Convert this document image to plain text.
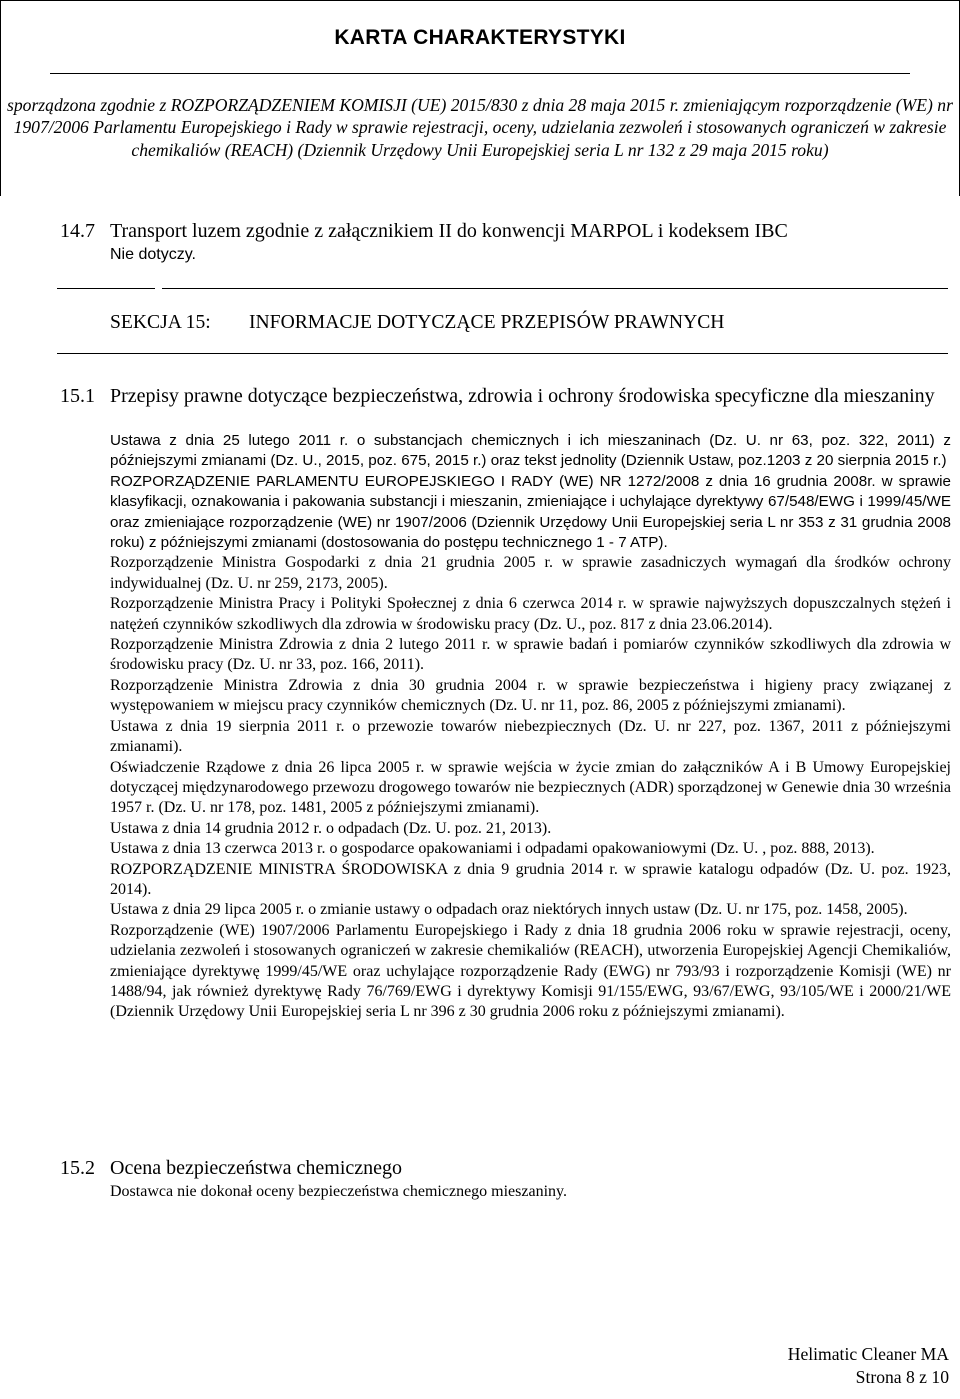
KARTA CHARAKTERYSTYKI
sporządzona zgodnie z ROZPORZĄDZENIEM KOMISJI (UE) 2015/830 z dnia 28 maja 2015 r. zmieniającym rozporządzenie (WE) nr 1907/2006 Parlamentu Europejskiego i Rady w sprawie rejestracji, oceny, udzielania zezwoleń i stosowanych ograniczeń w zakresie chemikaliów (REACH) (Dziennik Urzędowy Unii Europejskiej seria L nr 132 z 29 maja 2015 roku)
14.7 Transport luzem zgodnie z załącznikiem II do konwencji MARPOL i kodeksem IBC
Nie dotyczy.
SEKCJA 15: INFORMACJE DOTYCZĄCE PRZEPISÓW PRAWNYCH
15.1 Przepisy prawne dotyczące bezpieczeństwa, zdrowia i ochrony środowiska specyficzne dla mieszaniny

Ustawa z dnia 25 lutego 2011 r. o substancjach chemicznych i ich mieszaninach (Dz. U. nr 63, poz. 322, 2011) z późniejszymi zmianami (Dz. U., 2015, poz. 675, 2015 r.) oraz tekst jednolity (Dziennik Ustaw, poz.1203 z 20 sierpnia 2015 r.)

ROZPORZĄDZENIE PARLAMENTU EUROPEJSKIEGO I RADY (WE) NR 1272/2008 z dnia 16 grudnia 2008r. w sprawie klasyfikacji, oznakowania i pakowania substancji i mieszanin, zmieniające i uchylające dyrektywy 67/548/EWG i 1999/45/WE oraz zmieniające rozporządzenie (WE) nr 1907/2006 (Dziennik Urzędowy Unii Europejskiej seria L nr 353 z 31 grudnia 2008 roku) z późniejszymi zmianami (dostosowania do postępu technicznego 1 - 7 ATP).

Rozporządzenie Ministra Gospodarki z dnia 21 grudnia 2005 r. w sprawie zasadniczych wymagań dla środków ochrony indywidualnej (Dz. U. nr 259, 2173, 2005).

Rozporządzenie Ministra Pracy i Polityki Społecznej z dnia 6 czerwca 2014 r. w sprawie najwyższych dopuszczalnych stężeń i natężeń czynników szkodliwych dla zdrowia w środowisku pracy (Dz. U., poz. 817 z dnia 23.06.2014).

Rozporządzenie Ministra Zdrowia z dnia 2 lutego 2011 r. w sprawie badań i pomiarów czynników szkodliwych dla zdrowia w środowisku pracy (Dz. U. nr 33, poz. 166, 2011).

Rozporządzenie Ministra Zdrowia z dnia 30 grudnia 2004 r. w sprawie bezpieczeństwa i higieny pracy związanej z występowaniem w miejscu pracy czynników chemicznych (Dz. U. nr 11, poz. 86, 2005 z późniejszymi zmianami).

Ustawa z dnia 19 sierpnia 2011 r. o przewozie towarów niebezpiecznych (Dz. U. nr 227, poz. 1367, 2011 z późniejszymi zmianami).

Oświadczenie Rządowe z dnia 26 lipca 2005 r. w sprawie wejścia w życie zmian do załączników A i B Umowy Europejskiej dotyczącej międzynarodowego przewozu drogowego towarów nie bezpiecznych (ADR) sporządzonej w Genewie dnia 30 września 1957 r. (Dz. U. nr 178, poz. 1481, 2005 z późniejszymi zmianami).

Ustawa z dnia 14 grudnia 2012 r. o odpadach (Dz. U. poz. 21, 2013).

Ustawa z dnia 13 czerwca 2013 r. o gospodarce opakowaniami i odpadami opakowaniowymi (Dz. U. , poz. 888, 2013).

ROZPORZĄDZENIE MINISTRA ŚRODOWISKA z dnia 9 grudnia 2014 r. w sprawie katalogu odpadów (Dz. U. poz. 1923, 2014).

Ustawa z dnia 29 lipca 2005 r. o zmianie ustawy o odpadach oraz niektórych innych ustaw (Dz. U. nr 175, poz. 1458, 2005).

Rozporządzenie (WE) 1907/2006 Parlamentu Europejskiego i Rady z dnia 18 grudnia 2006 roku w sprawie rejestracji, oceny, udzielania zezwoleń i stosowanych ograniczeń w zakresie chemikaliów (REACH), utworzenia Europejskiej Agencji Chemikaliów, zmieniające dyrektywę 1999/45/WE oraz uchylające rozporządzenie Rady (EWG) nr 793/93 i rozporządzenie Komisji (WE) nr 1488/94, jak również dyrektywę Rady 76/769/EWG i dyrektywy Komisji 91/155/EWG, 93/67/EWG, 93/105/WE i 2000/21/WE (Dziennik Urzędowy Unii Europejskiej seria L nr 396 z 30 grudnia 2006 roku z późniejszymi zmianami).

15.2 Ocena bezpieczeństwa chemicznego
Dostawca nie dokonał oceny bezpieczeństwa chemicznego mieszaniny.
Helimatic Cleaner MA
Strona 8 z 10
